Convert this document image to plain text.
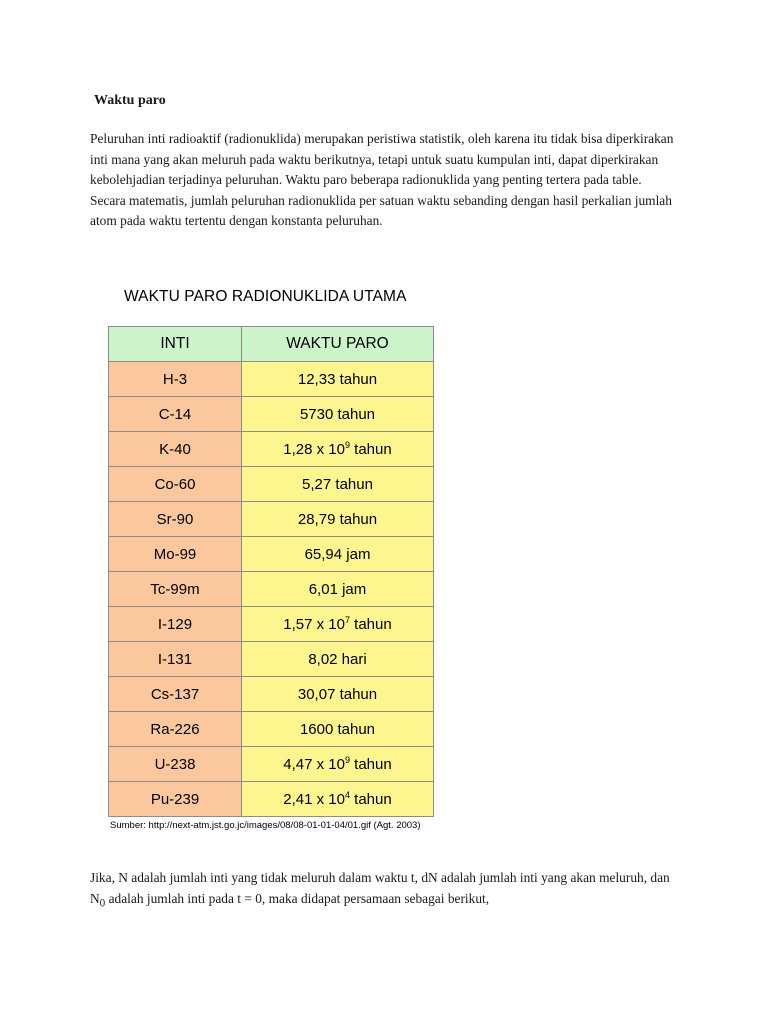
Waktu paro
Peluruhan inti radioaktif (radionuklida) merupakan peristiwa statistik, oleh karena itu tidak bisa diperkirakan inti mana yang akan meluruh pada waktu berikutnya, tetapi untuk suatu kumpulan inti, dapat diperkirakan kebolehjadian terjadinya peluruhan. Waktu paro beberapa radionuklida yang penting tertera pada table. Secara matematis, jumlah peluruhan radionuklida per satuan waktu sebanding dengan hasil perkalian jumlah atom pada waktu tertentu dengan konstanta peluruhan.
WAKTU PARO RADIONUKLIDA UTAMA
INTI	WAKTU PARO
H-3	12,33 tahun
C-14	5730 tahun
K-40	1,28 x $10^9$ tahun
Co-60	5,27 tahun
Sr-90	28,79 tahun
Mo-99	65,94 jam
Tc-99m	6,01 jam
I-129	1,57 x $10^7$ tahun
I-131	8,02 hari
Cs-137	30,07 tahun
Ra-226	1600 tahun
U-238	4,47 x $10^9$ tahun
Pu-239	2,41 x $10^4$ tahun
Sumber: http://next-atm.jst.go.jc/images/08/08-01-01-04/01.gif (Agt. 2003)
Jika, N adalah jumlah inti yang tidak meluruh dalam waktu t, dN adalah jumlah inti yang akan meluruh, dan $N_0$ adalah jumlah inti pada t = 0, maka didapat persamaan sebagai berikut,
